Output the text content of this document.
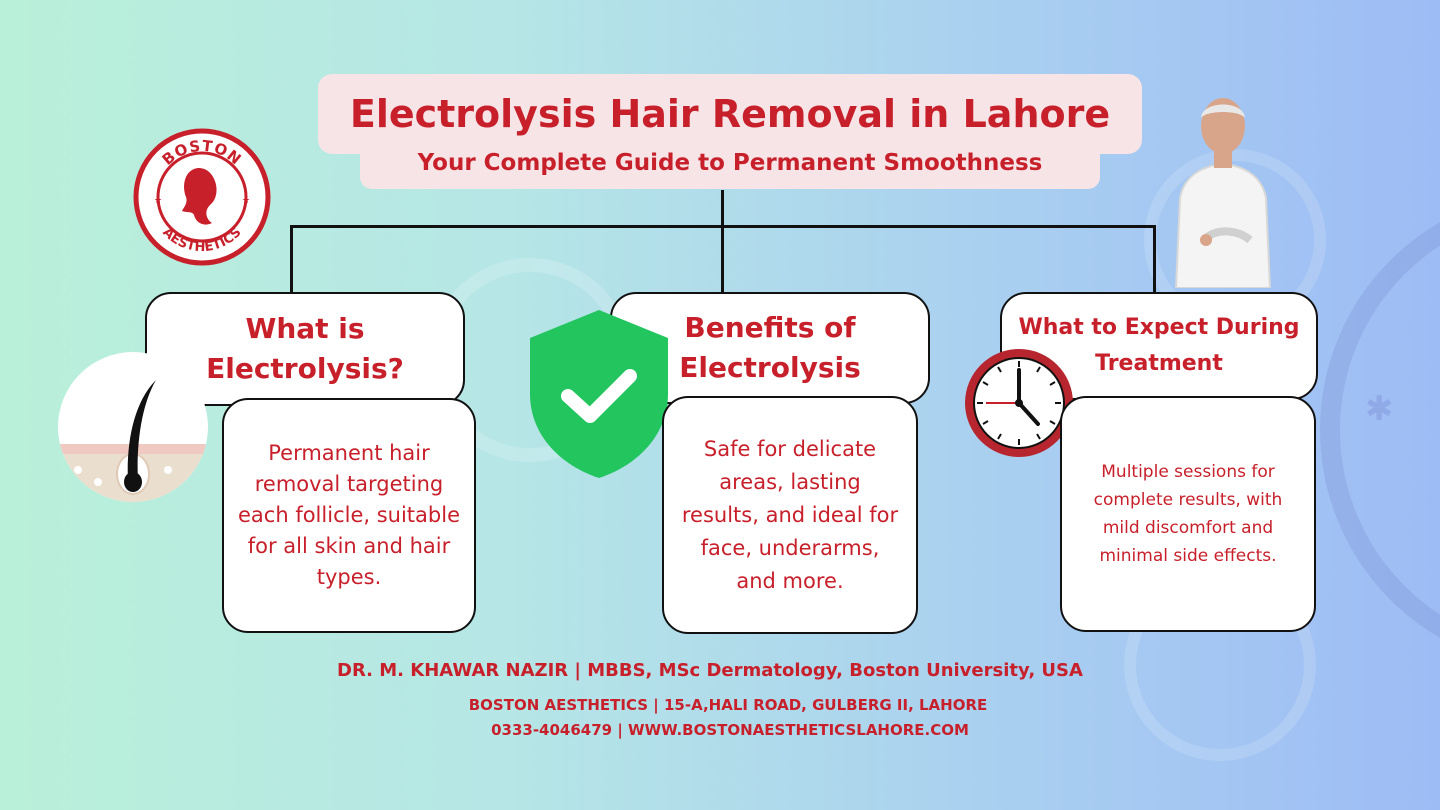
✱
Electrolysis Hair Removal in Lahore
Your Complete Guide to Permanent Smoothness
BOSTON
AESTHETICS
★	★
What is
Electrolysis?
Permanent hair removal targeting each follicle, suitable for all skin and hair types.
Benefits of
Electrolysis
Safe for delicate areas, lasting results, and ideal for face, underarms, and more.
What to Expect During
Treatment
Multiple sessions for complete results, with mild discomfort and minimal side effects.
DR. M. KHAWAR NAZIR | MBBS, MSc Dermatology, Boston University, USA
BOSTON AESTHETICS | 15-A,HALI ROAD, GULBERG II, LAHORE
0333-4046479 | WWW.BOSTONAESTHETICSLAHORE.COM
